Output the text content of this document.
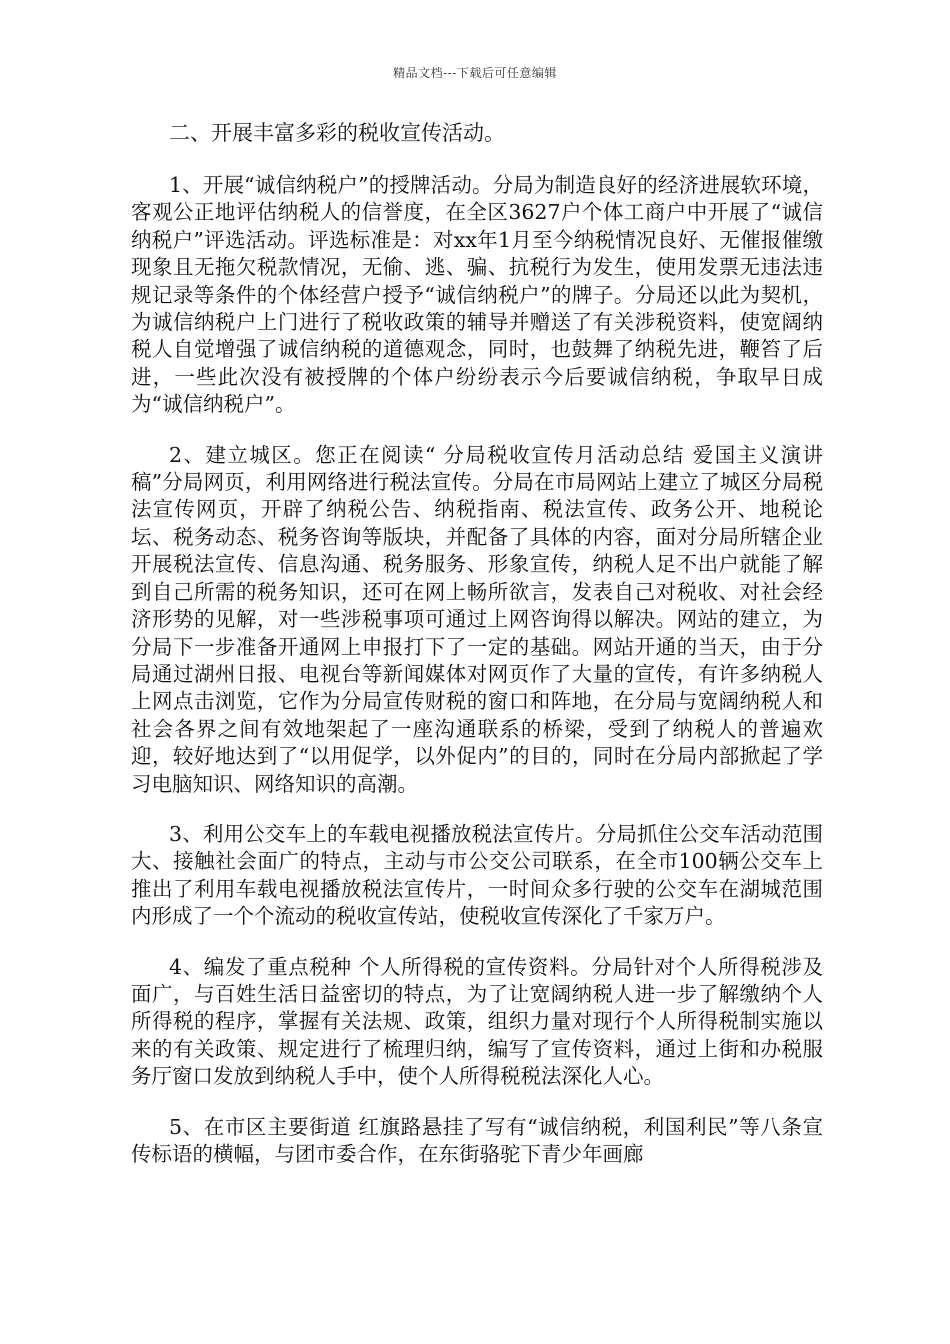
精品文档---下载后可任意编辑

二、开展丰富多彩的税收宣传活动。

1、开展“诚信纳税户”的授牌活动。分局为制造良好的经济进展软环境，客观公正地评估纳税人的信誉度，在全区3627户个体工商户中开展了“诚信纳税户”评选活动。评选标准是：对xx年1月至今纳税情况良好、无催报催缴现象且无拖欠税款情况，无偷、逃、骗、抗税行为发生，使用发票无违法违规记录等条件的个体经营户授予“诚信纳税户”的牌子。分局还以此为契机，为诚信纳税户上门进行了税收政策的辅导并赠送了有关涉税资料，使宽阔纳税人自觉增强了诚信纳税的道德观念，同时，也鼓舞了纳税先进，鞭笞了后进，一些此次没有被授牌的个体户纷纷表示今后要诚信纳税，争取早日成为“诚信纳税户”。

2、建立城区。您正在阅读“ 分局税收宣传月活动总结 爱国主义演讲稿”分局网页，利用网络进行税法宣传。分局在市局网站上建立了城区分局税法宣传网页，开辟了纳税公告、纳税指南、税法宣传、政务公开、地税论坛、税务动态、税务咨询等版块，并配备了具体的内容，面对分局所辖企业开展税法宣传、信息沟通、税务服务、形象宣传，纳税人足不出户就能了解到自己所需的税务知识，还可在网上畅所欲言，发表自己对税收、对社会经济形势的见解，对一些涉税事项可通过上网咨询得以解决。网站的建立，为分局下一步准备开通网上申报打下了一定的基础。网站开通的当天，由于分局通过湖州日报、电视台等新闻媒体对网页作了大量的宣传，有许多纳税人上网点击浏览，它作为分局宣传财税的窗口和阵地，在分局与宽阔纳税人和社会各界之间有效地架起了一座沟通联系的桥梁，受到了纳税人的普遍欢迎，较好地达到了“以用促学，以外促内”的目的，同时在分局内部掀起了学习电脑知识、网络知识的高潮。

3、利用公交车上的车载电视播放税法宣传片。分局抓住公交车活动范围大、接触社会面广的特点，主动与市公交公司联系，在全市100辆公交车上推出了利用车载电视播放税法宣传片，一时间众多行驶的公交车在湖城范围内形成了一个个流动的税收宣传站，使税收宣传深化了千家万户。

4、编发了重点税种 个人所得税的宣传资料。分局针对个人所得税涉及面广，与百姓生活日益密切的特点，为了让宽阔纳税人进一步了解缴纳个人所得税的程序，掌握有关法规、政策，组织力量对现行个人所得税制实施以来的有关政策、规定进行了梳理归纳，编写了宣传资料，通过上街和办税服务厅窗口发放到纳税人手中，使个人所得税税法深化人心。

5、在市区主要街道 红旗路悬挂了写有“诚信纳税，利国利民”等八条宣传标语的横幅，与团市委合作，在东街骆驼下青少年画廊
